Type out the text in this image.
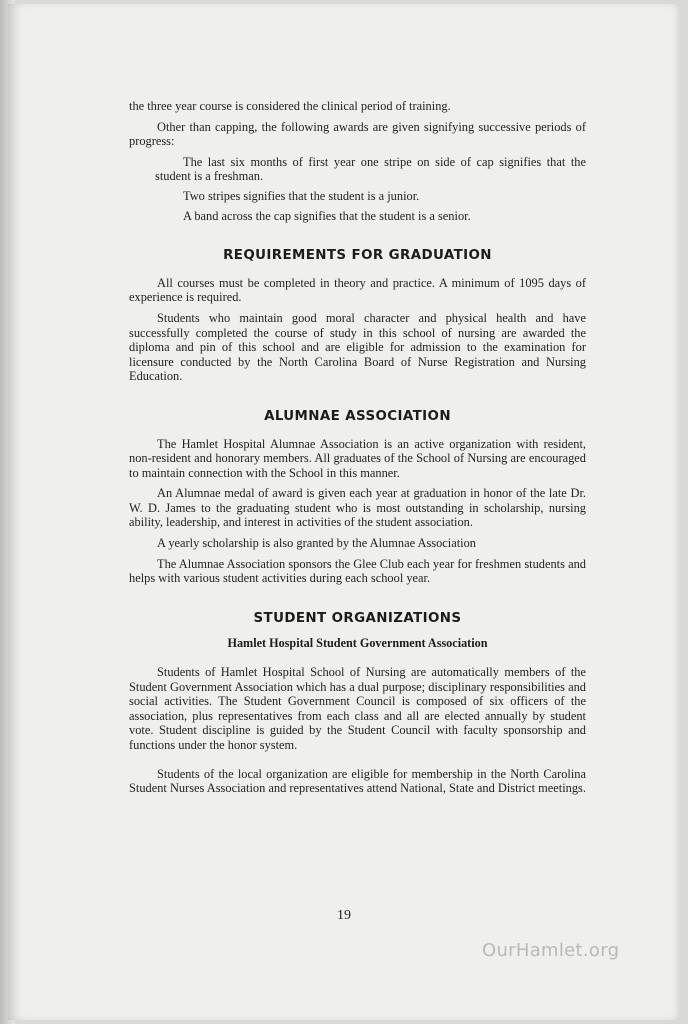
the three year course is considered the clinical period of training.

Other than capping, the following awards are given signifying successive periods of progress:

The last six months of first year one stripe on side of cap signifies that the student is a freshman.

Two stripes signifies that the student is a junior.

A band across the cap signifies that the student is a senior.

REQUIREMENTS FOR GRADUATION

All courses must be completed in theory and practice. A minimum of 1095 days of experience is required.

Students who maintain good moral character and physical health and have successfully completed the course of study in this school of nursing are awarded the diploma and pin of this school and are eligible for admission to the examination for licensure conducted by the North Carolina Board of Nurse Registration and Nursing Education.

ALUMNAE ASSOCIATION

The Hamlet Hospital Alumnae Association is an active organization with resident, non-resident and honorary members. All graduates of the School of Nursing are encouraged to maintain connection with the School in this manner.

An Alumnae medal of award is given each year at graduation in honor of the late Dr. W. D. James to the graduating student who is most outstanding in scholarship, nursing ability, leadership, and interest in activities of the student association.

A yearly scholarship is also granted by the Alumnae Association

The Alumnae Association sponsors the Glee Club each year for freshmen students and helps with various student activities during each school year.

STUDENT ORGANIZATIONS
Hamlet Hospital Student Government Association

Students of Hamlet Hospital School of Nursing are automatically members of the Student Government Association which has a dual purpose; disciplinary responsibilities and social activities. The Student Government Council is composed of six officers of the association, plus representatives from each class and all are elected annually by student vote. Student discipline is guided by the Student Council with faculty sponsorship and functions under the honor system.

Students of the local organization are eligible for membership in the North Carolina Student Nurses Association and representatives attend National, State and District meetings.

19
OurHamlet.org
